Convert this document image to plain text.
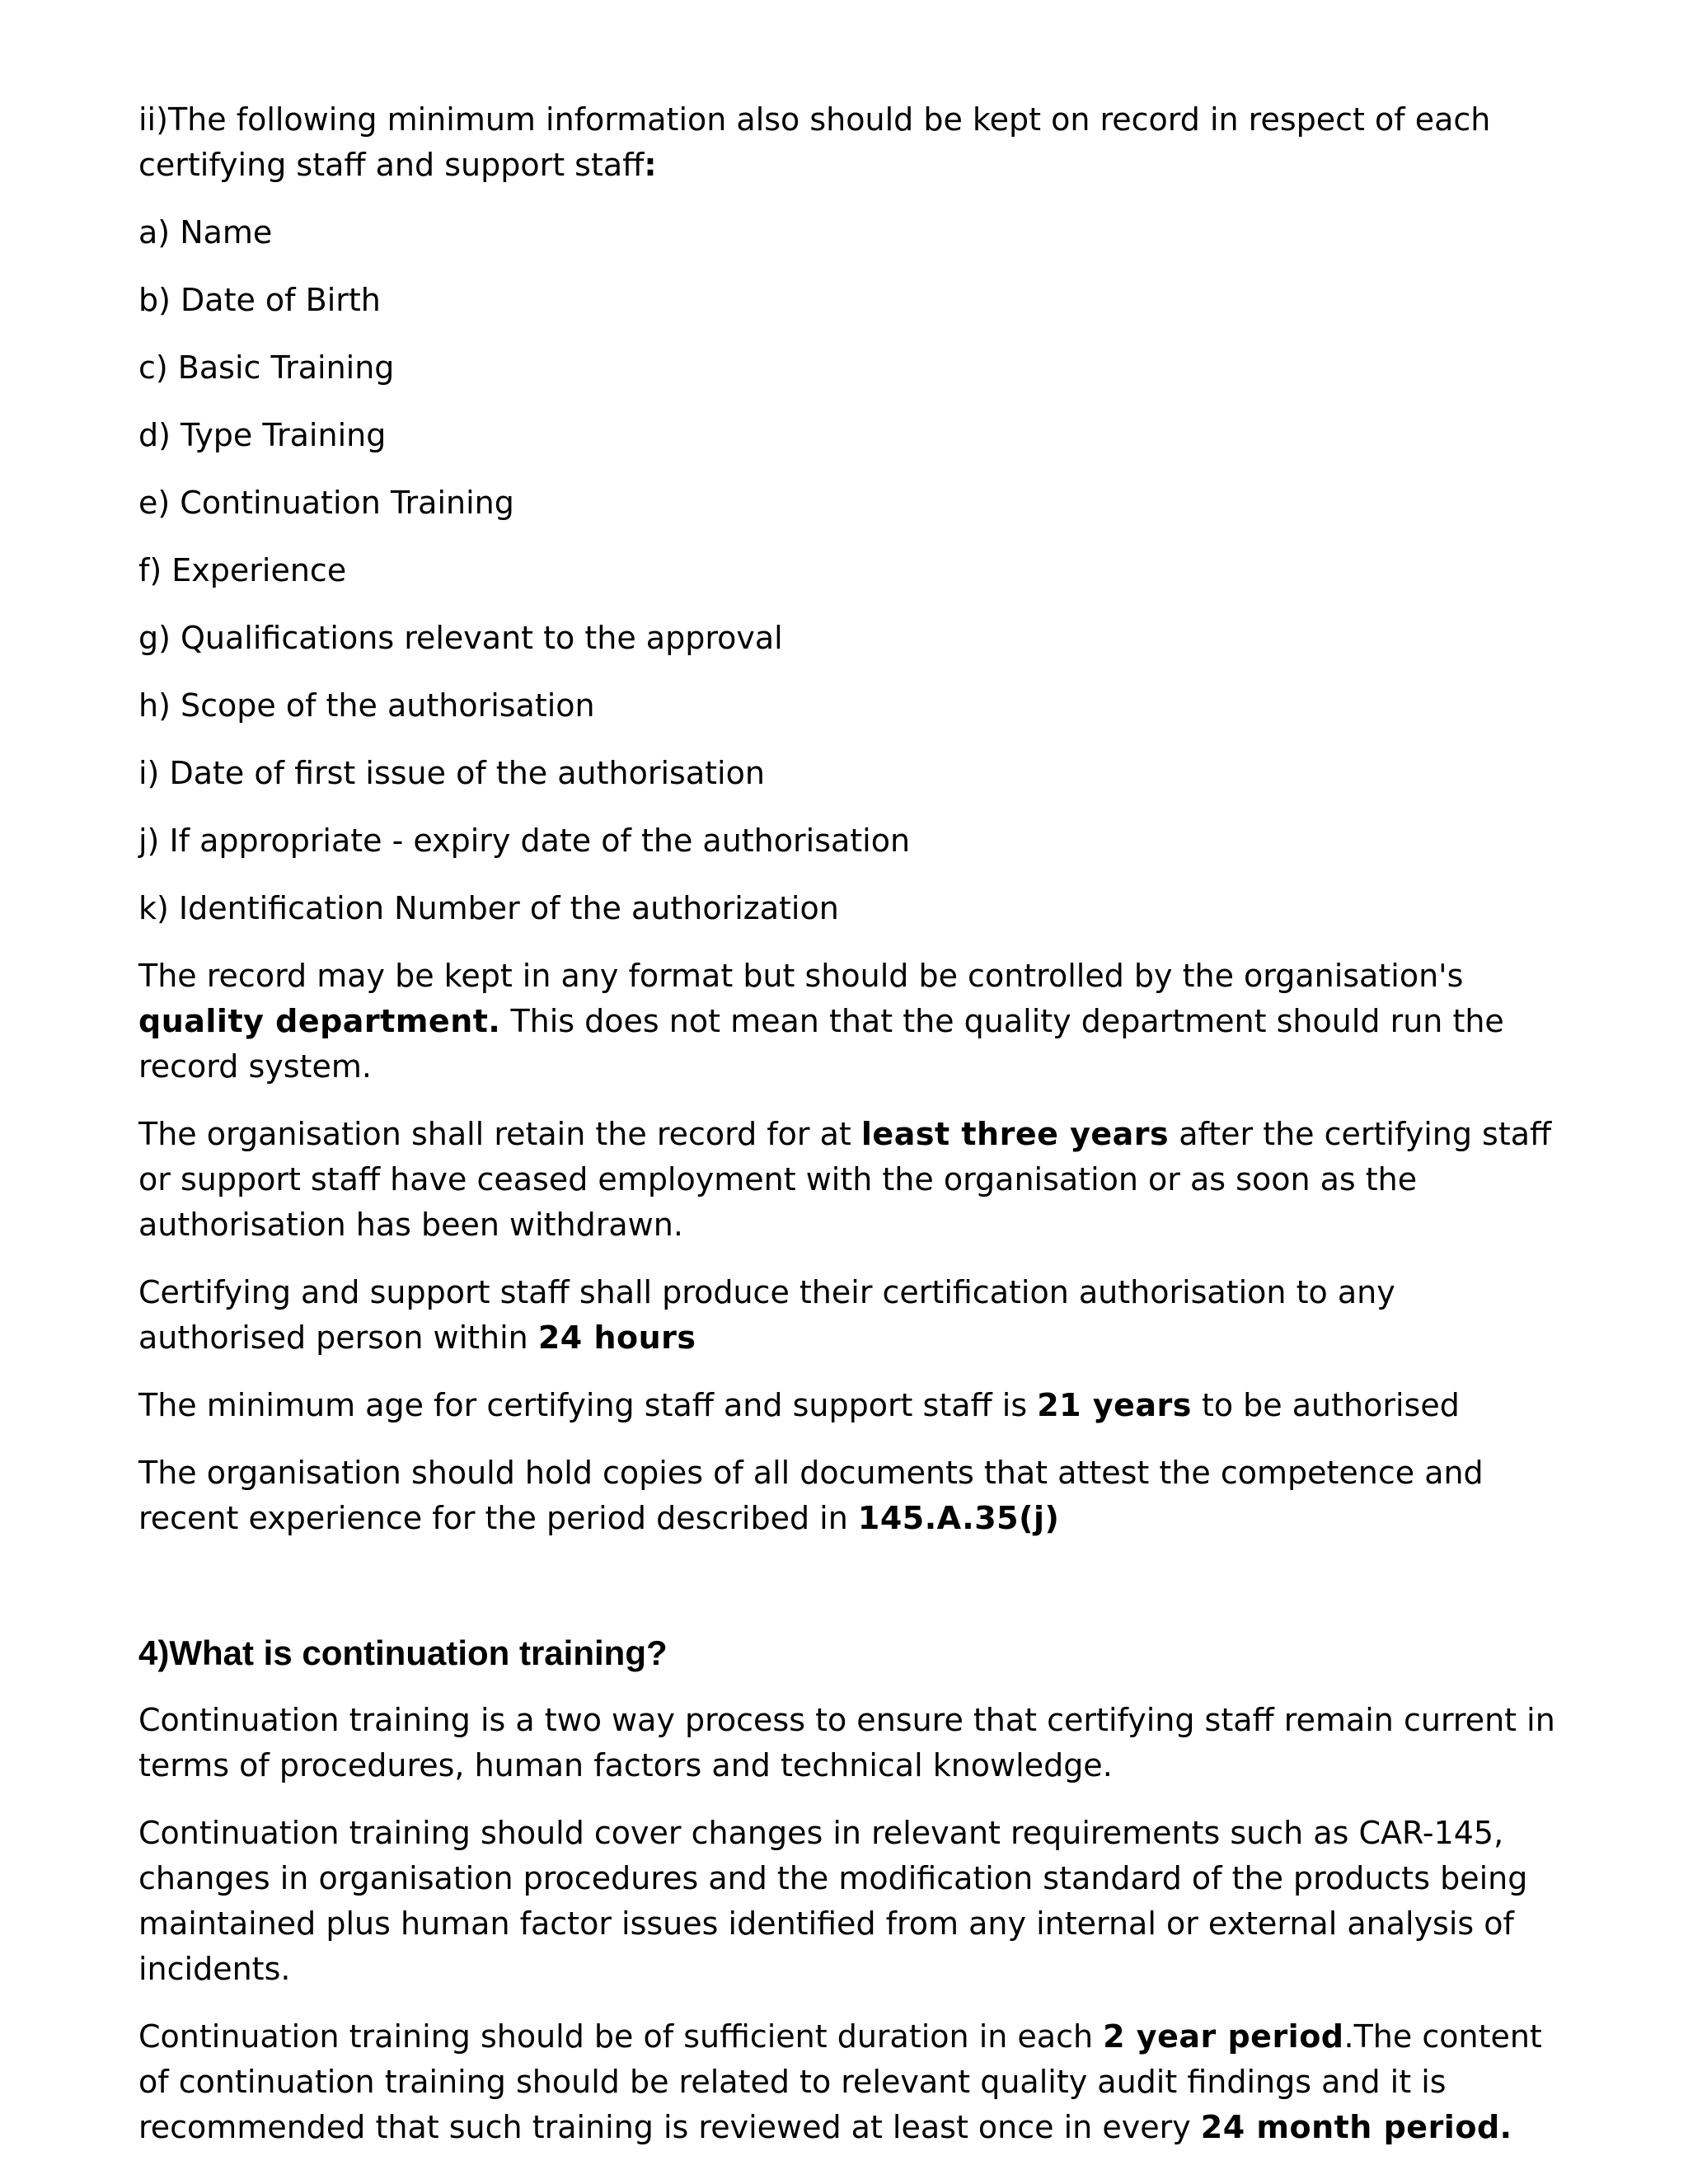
ii)The following minimum information also should be kept on record in respect of each certifying staff and support staff:

a) Name

b) Date of Birth

c) Basic Training

d) Type Training

e) Continuation Training

f) Experience

g) Qualifications relevant to the approval

h) Scope of the authorisation

i) Date of first issue of the authorisation

j) If appropriate - expiry date of the authorisation

k) Identification Number of the authorization

The record may be kept in any format but should be controlled by the organisation's quality department. This does not mean that the quality department should run the record system.

The organisation shall retain the record for at least three years after the certifying staff or support staff have ceased employment with the organisation or as soon as the authorisation has been withdrawn.

Certifying and support staff shall produce their certification authorisation to any authorised person within 24 hours

The minimum age for certifying staff and support staff is 21 years to be authorised

The organisation should hold copies of all documents that attest the competence and recent experience for the period described in 145.A.35(j)

4)What is continuation training?

Continuation training is a two way process to ensure that certifying staff remain current in terms of procedures, human factors and technical knowledge.

Continuation training should cover changes in relevant requirements such as CAR-145, changes in organisation procedures and the modification standard of the products being maintained plus human factor issues identified from any internal or external analysis of incidents.

Continuation training should be of sufficient duration in each 2 year period.The content of continuation training should be related to relevant quality audit findings and it is recommended that such training is reviewed at least once in every 24 month period.
